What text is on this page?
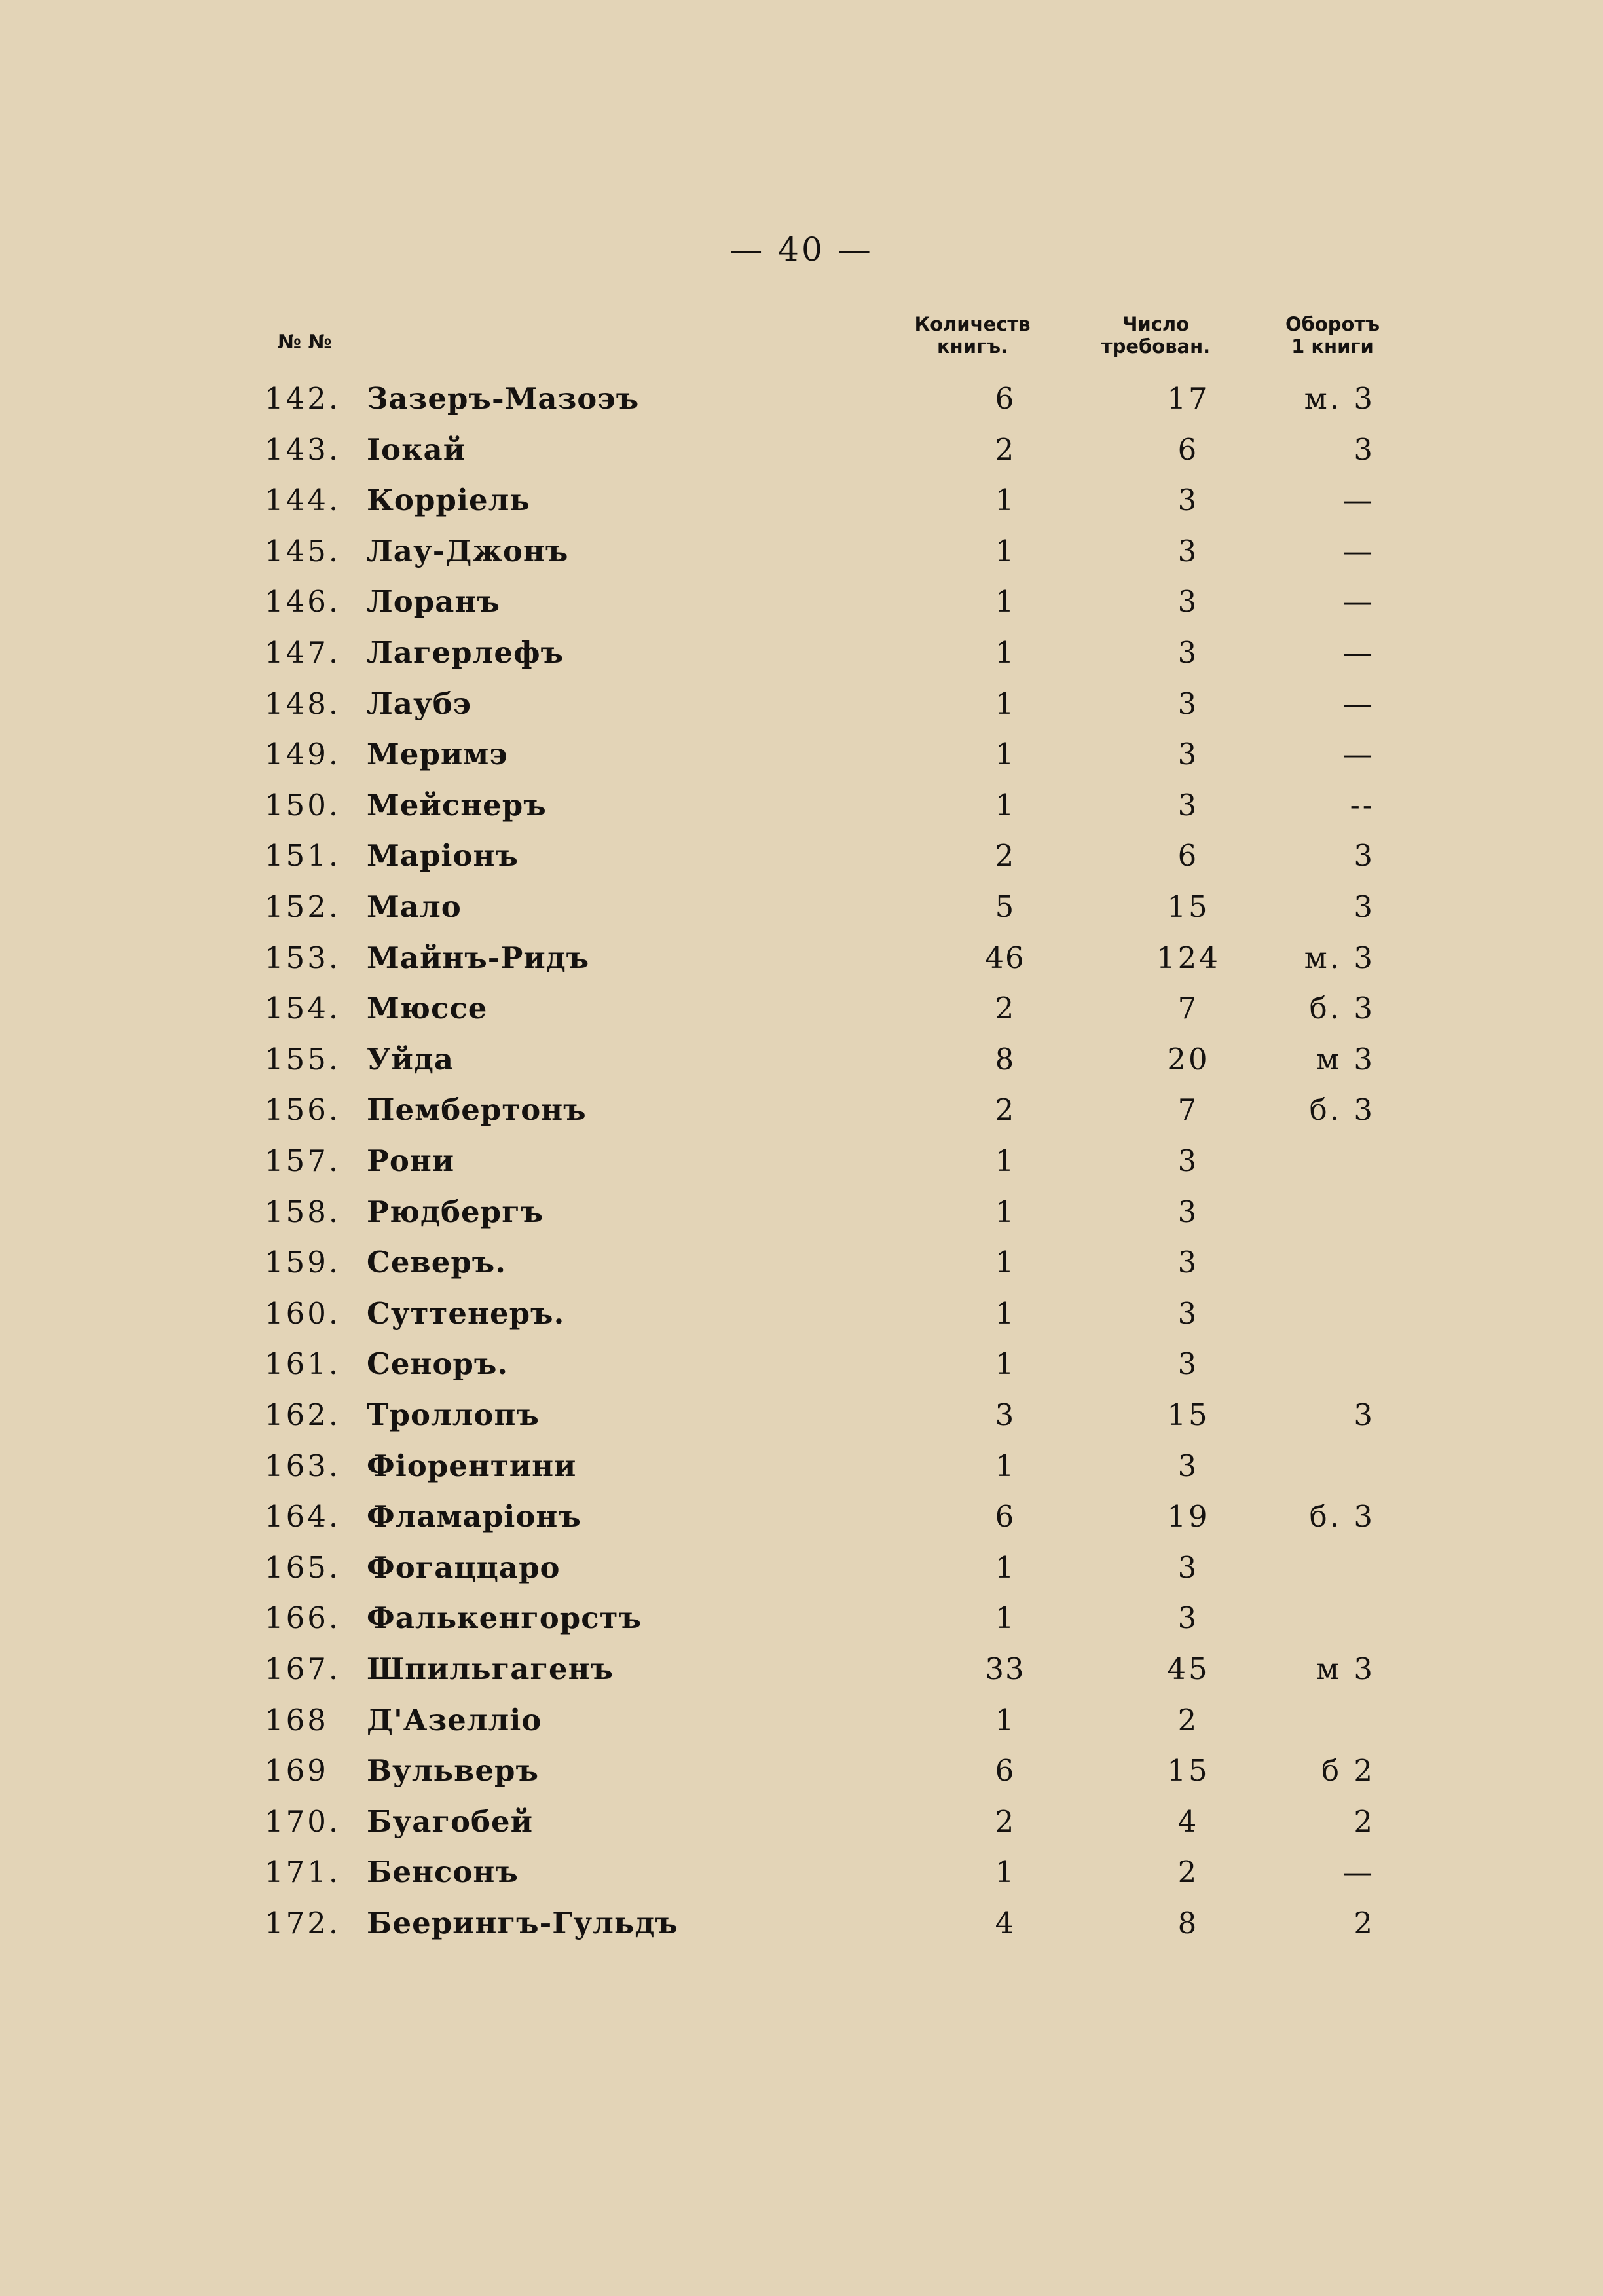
— 40 —
№ №
Количеств
книгъ.
Число
требован.
Оборотъ
1 книги
142. Зазеръ-Мазоэъ	6	17	м. 3
143. Іокай	2	6	3
144. Корріель	1	3	—
145. Лау-Джонъ	1	3	—
146. Лоранъ	1	3	—
147. Лагерлефъ	1	3	—
148. Лаубэ	1	3	—
149. Меримэ	1	3	—
150. Мейснеръ	1	3	--
151. Маріонъ	2	6	3
152. Мало	5	15	3
153. Майнъ-Ридъ	46	124	м. 3
154. Мюссе	2	7	б. 3
155. Уйда	8	20	м 3
156. Пембертонъ	2	7	б. 3
157. Рони	1	3
158. Рюдбергъ	1	3
159. Северъ.	1	3
160. Суттенеръ.	1	3
161. Сеноръ.	1	3
162. Троллопъ	3	15	3
163. Фіорентини	1	3
164. Фламаріонъ	6	19	б. 3
165. Фогаццаро	1	3
166. Фалькенгорстъ	1	3
167. Шпильгагенъ	33	45	м 3
168	Д'Азелліо	1	2
169	Вульверъ	6	15	б 2
170. Буагобей	2	4	2
171. Бенсонъ	1	2	—
172. Беерингъ-Гульдъ	4	8	2
